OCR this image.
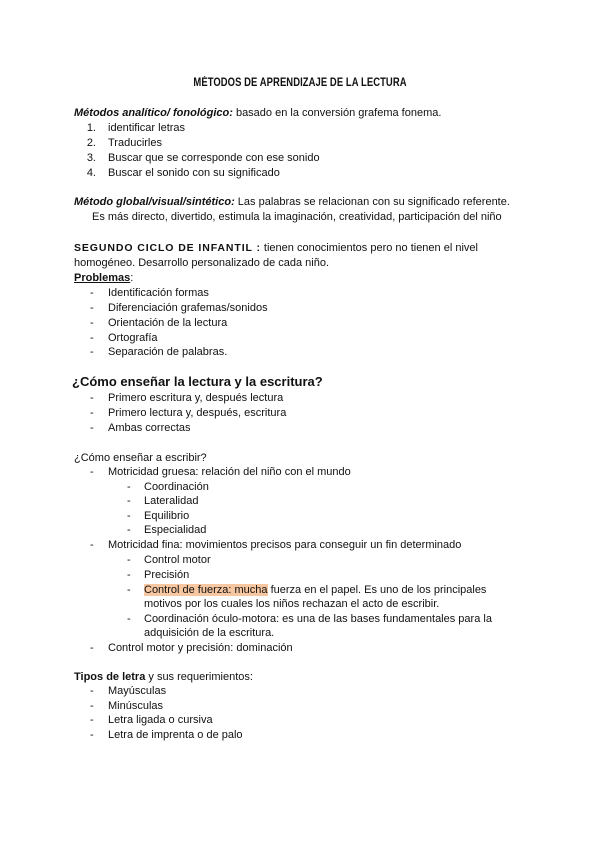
MÉTODOS DE APRENDIZAJE DE LA LECTURA
Métodos analítico/ fonológico: basado en la conversión grafema fonema.
1. identificar letras
2. Traducirles
3. Buscar que se corresponde con ese sonido
4. Buscar el sonido con su significado
Método global/visual/sintético: Las palabras se relacionan con su significado referente.
Es más directo, divertido, estimula la imaginación, creatividad, participación del niño
SEGUNDO CICLO DE INFANTIL : tienen conocimientos pero no tienen el nivel
homogéneo. Desarrollo personalizado de cada niño.
Problemas:
- Identificación formas
- Diferenciación grafemas/sonidos
- Orientación de la lectura
- Ortografía
- Separación de palabras.
¿Cómo enseñar la lectura y la escritura?
- Primero escritura y, después lectura
- Primero lectura y, después, escritura
- Ambas correctas
¿Cómo enseñar a escribir?
- Motricidad gruesa: relación del niño con el mundo
- Coordinación
- Lateralidad
- Equilibrio
- Especialidad
- Motricidad fina: movimientos precisos para conseguir un fin determinado
- Control motor
- Precisión
- Control de fuerza: mucha fuerza en el papel. Es uno de los principales
motivos por los cuales los niños rechazan el acto de escribir.
- Coordinación óculo-motora: es una de las bases fundamentales para la
adquisición de la escritura.
- Control motor y precisión: dominación
Tipos de letra y sus requerimientos:
- Mayúsculas
- Minúsculas
- Letra ligada o cursiva
- Letra de imprenta o de palo
